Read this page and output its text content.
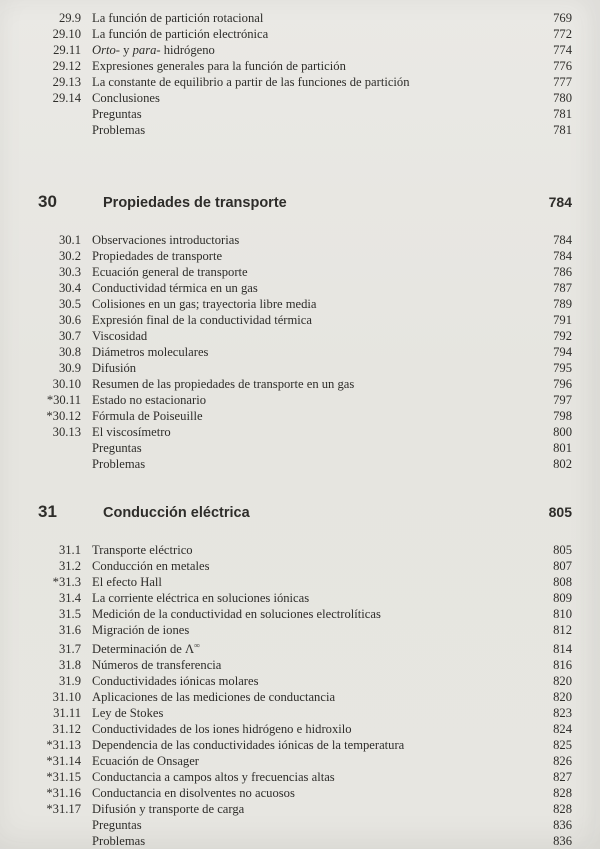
29.9 La función de partición rotacional	769
29.10 La función de partición electrónica	772
29.11 Orto- y para- hidrógeno	774
29.12 Expresiones generales para la función de partición	776
29.13 La constante de equilibrio a partir de las funciones de partición	777
29.14 Conclusiones	780
Preguntas	781
Problemas	781
30	Propiedades de transporte	784
30.1 Observaciones introductorias	784
30.2 Propiedades de transporte	784
30.3 Ecuación general de transporte	786
30.4 Conductividad térmica en un gas	787
30.5 Colisiones en un gas; trayectoria libre media	789
30.6 Expresión final de la conductividad térmica	791
30.7 Viscosidad	792
30.8 Diámetros moleculares	794
30.9 Difusión	795
30.10 Resumen de las propiedades de transporte en un gas	796
*30.11 Estado no estacionario	797
*30.12 Fórmula de Poiseuille	798
30.13 El viscosímetro	800
Preguntas	801
Problemas	802
31	Conducción eléctrica	805
31.1 Transporte eléctrico	805
31.2 Conducción en metales	807
*31.3 El efecto Hall	808
31.4 La corriente eléctrica en soluciones iónicas	809
31.5 Medición de la conductividad en soluciones electrolíticas	810
31.6 Migración de iones	812
31.7 Determinación de Λ∞	814
31.8 Números de transferencia	816
31.9 Conductividades iónicas molares	820
31.10 Aplicaciones de las mediciones de conductancia	820
31.11 Ley de Stokes	823
31.12 Conductividades de los iones hidrógeno e hidroxilo	824
*31.13 Dependencia de las conductividades iónicas de la temperatura	825
*31.14 Ecuación de Onsager	826
*31.15 Conductancia a campos altos y frecuencias altas	827
*31.16 Conductancia en disolventes no acuosos	828
*31.17 Difusión y transporte de carga	828
Preguntas	836
Problemas	836
